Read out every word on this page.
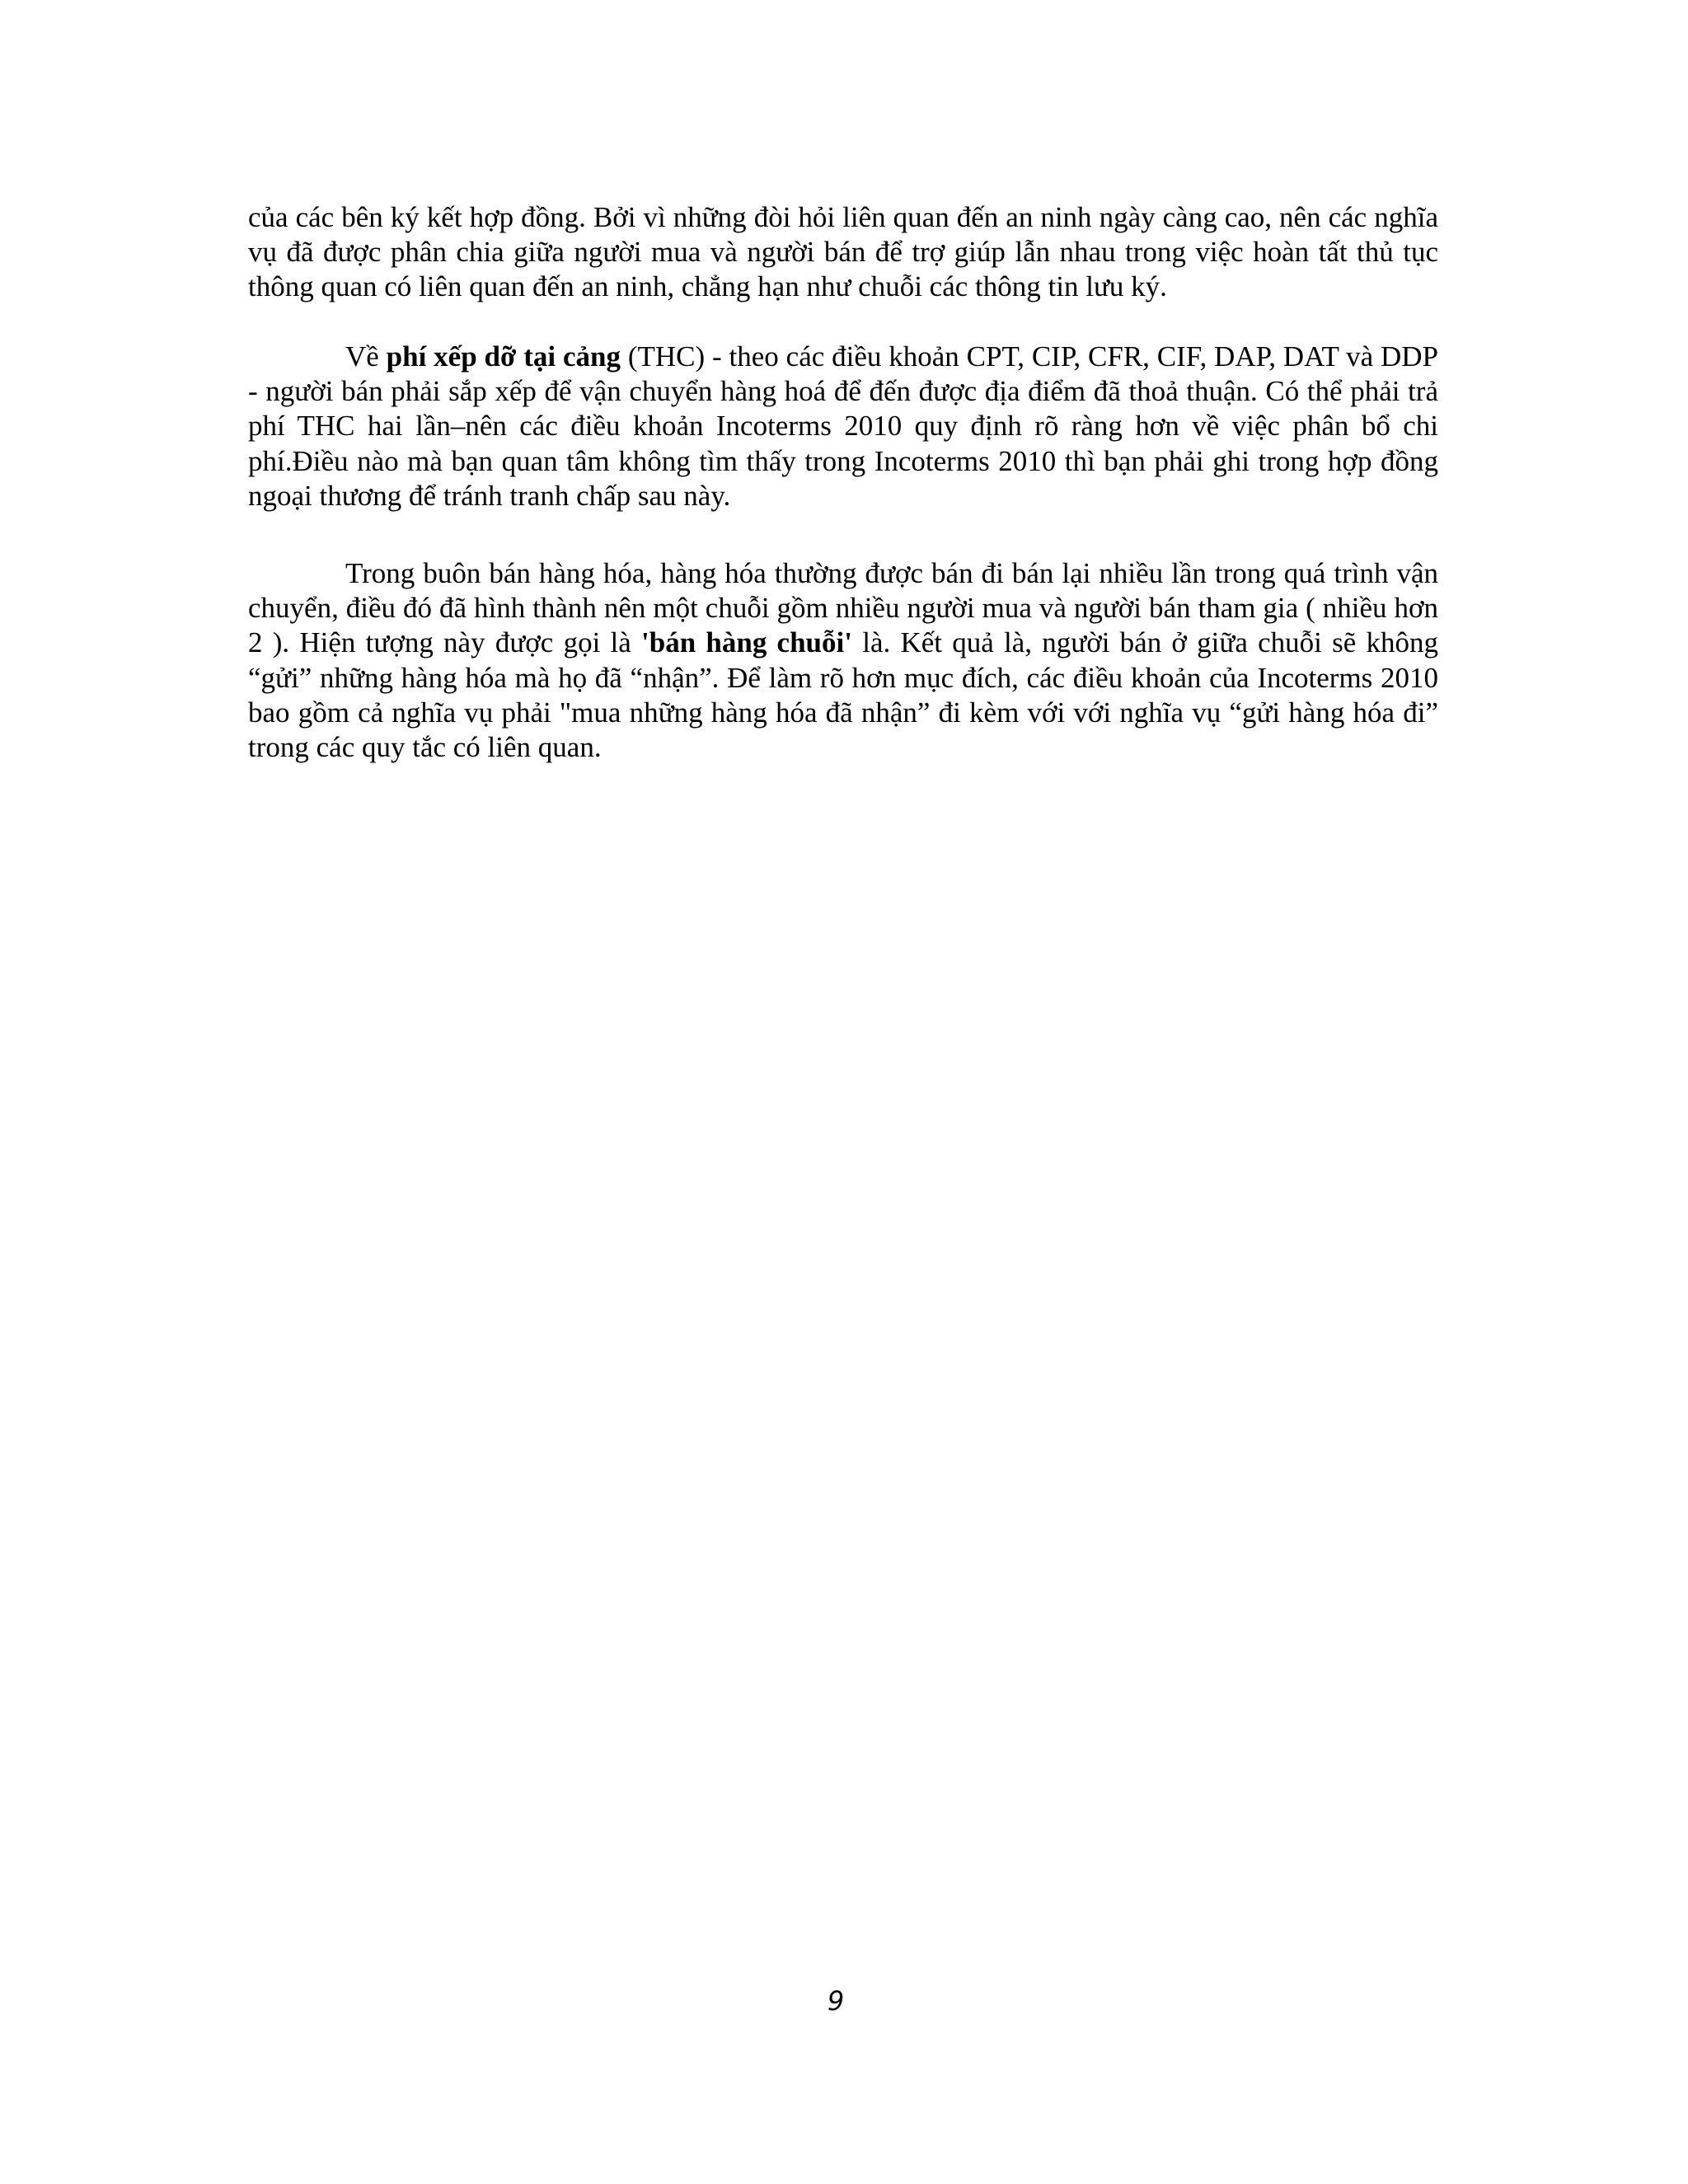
của các bên ký kết hợp đồng. Bởi vì những đòi hỏi liên quan đến an ninh ngày càng cao, nên các nghĩa vụ đã được phân chia giữa người mua và người bán để trợ giúp lẫn nhau trong việc hoàn tất thủ tục thông quan có liên quan đến an ninh, chẳng hạn như chuỗi các thông tin lưu ký.

Về phí xếp dỡ tại cảng (THC) - theo các điều khoản CPT, CIP, CFR, CIF, DAP, DAT và DDP - người bán phải sắp xếp để vận chuyển hàng hoá để đến được địa điểm đã thoả thuận. Có thể phải trả phí THC hai lần–nên các điều khoản Incoterms 2010 quy định rõ ràng hơn về việc phân bổ chi phí.Điều nào mà bạn quan tâm không tìm thấy trong Incoterms 2010 thì bạn phải ghi trong hợp đồng ngoại thương để tránh tranh chấp sau này.

Trong buôn bán hàng hóa, hàng hóa thường được bán đi bán lại nhiều lần trong quá trình vận chuyển, điều đó đã hình thành nên một chuỗi gồm nhiều người mua và người bán tham gia ( nhiều hơn 2 ). Hiện tượng này được gọi là 'bán hàng chuỗi' là. Kết quả là, người bán ở giữa chuỗi sẽ không “gửi” những hàng hóa mà họ đã “nhận”. Để làm rõ hơn mục đích, các điều khoản của Incoterms 2010 bao gồm cả nghĩa vụ phải "mua những hàng hóa đã nhận” đi kèm với với nghĩa vụ “gửi hàng hóa đi” trong các quy tắc có liên quan.

9
